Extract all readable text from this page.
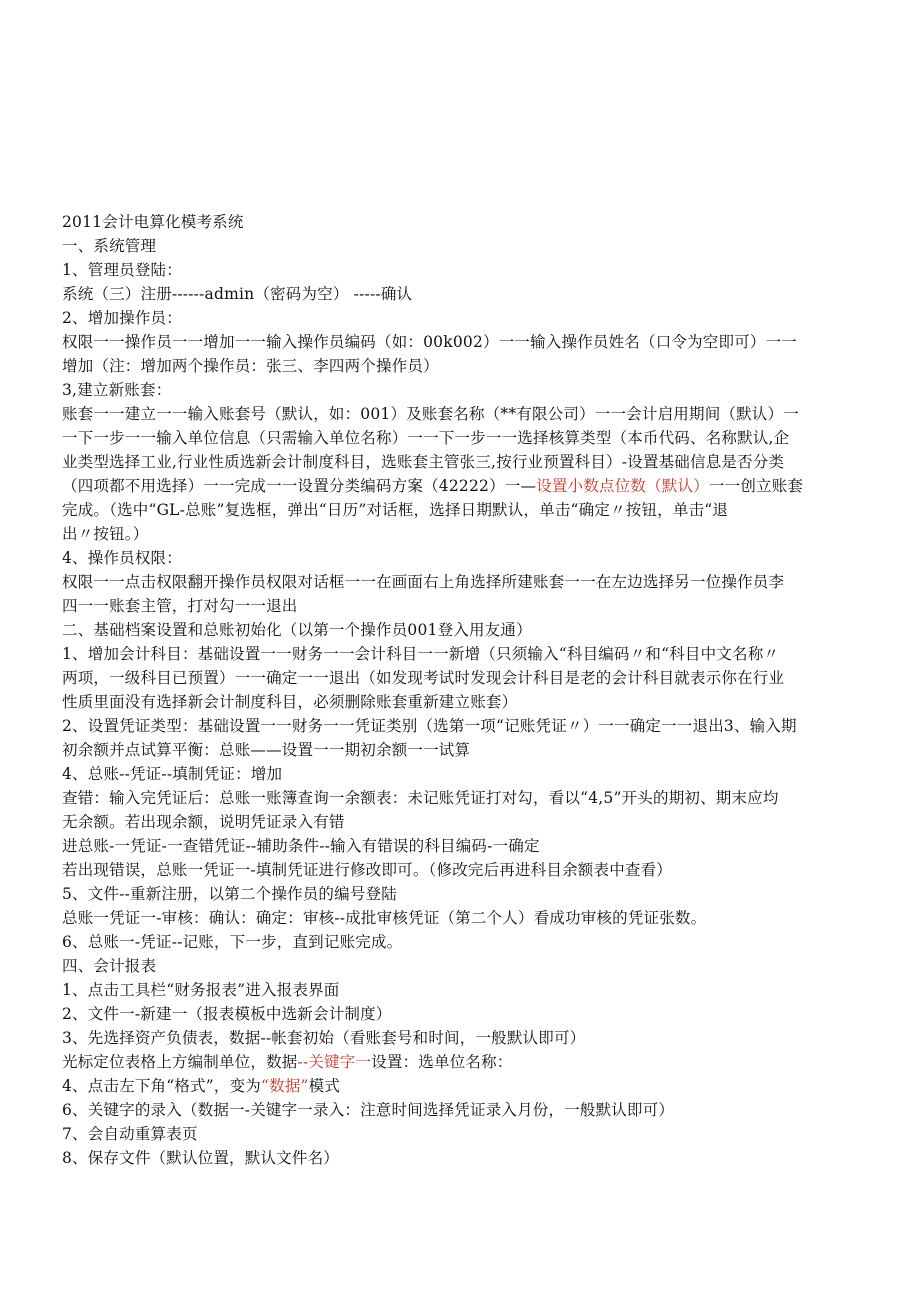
2011会计电算化模考系统
一、系统管理
1、管理员登陆：
系统（三）注册------admin（密码为空） -----确认
2、增加操作员：
权限一一操作员一一增加一一输入操作员编码（如：00k002）一一输入操作员姓名（口令为空即可）一一
增加（注：增加两个操作员：张三、李四两个操作员）
3,建立新账套：
账套一一建立一一输入账套号（默认，如：001）及账套名称（**有限公司）一一会计启用期间（默认）一
一下一步一一输入单位信息（只需输入单位名称）一一下一步一一选择核算类型（本币代码、名称默认,企
业类型选择工业,行业性质选新会计制度科目，选账套主管张三,按行业预置科目）-设置基础信息是否分类
（四项都不用选择）一一完成一一设置分类编码方案（42222）一—设置小数点位数（默认）一一创立账套
完成。（选中“GL-总账”复选框，弹出“日历”对话框，选择日期默认，单击“确定〃按钮，单击“退
出〃按钮。）
4、操作员权限：
权限一一点击权限翻开操作员权限对话框一一在画面右上角选择所建账套一一在左边选择另一位操作员李
四一一账套主管，打对勾一一退出
二、基础档案设置和总账初始化（以第一个操作员001登入用友通）
1、增加会计科目：基础设置一一财务一一会计科目一一新增（只须输入“科目编码〃和“科目中文名称〃
两项，一级科目已预置）一一确定一一退出（如发现考试时发现会计科目是老的会计科目就表示你在行业
性质里面没有选择新会计制度科目，必须删除账套重新建立账套）
2、设置凭证类型：基础设置一一财务一一凭证类别（选第一项“记账凭证〃）一一确定一一退出3、输入期
初余额并点试算平衡：总账——设置一一期初余额一一试算
4、总账--凭证--填制凭证：增加
查错：输入完凭证后：总账一账簿查询一余额表：未记账凭证打对勾，看以“4,5”开头的期初、期末应均
无余额。若出现余额，说明凭证录入有错
进总账-一凭证-一查错凭证--辅助条件--输入有错误的科目编码-一确定
若出现错误，总账一凭证一-填制凭证进行修改即可。（修改完后再进科目余额表中查看）
5、文件--重新注册，以第二个操作员的编号登陆
总账一凭证一-审核：确认：确定：审核--成批审核凭证（第二个人）看成功审核的凭证张数。
6、总账一-凭证--记账，下一步，直到记账完成。
四、会计报表
1、点击工具栏“财务报表”进入报表界面
2、文件一-新建一（报表模板中选新会计制度）
3、先选择资产负债表，数据--帐套初始（看账套号和时间，一般默认即可）
光标定位表格上方编制单位，数据--关键字一设置：选单位名称：
4、点击左下角“格式”，变为“数据”模式
6、关键字的录入（数据一-关键字一录入：注意时间选择凭证录入月份，一般默认即可）
7、会自动重算表页
8、保存文件（默认位置，默认文件名）
